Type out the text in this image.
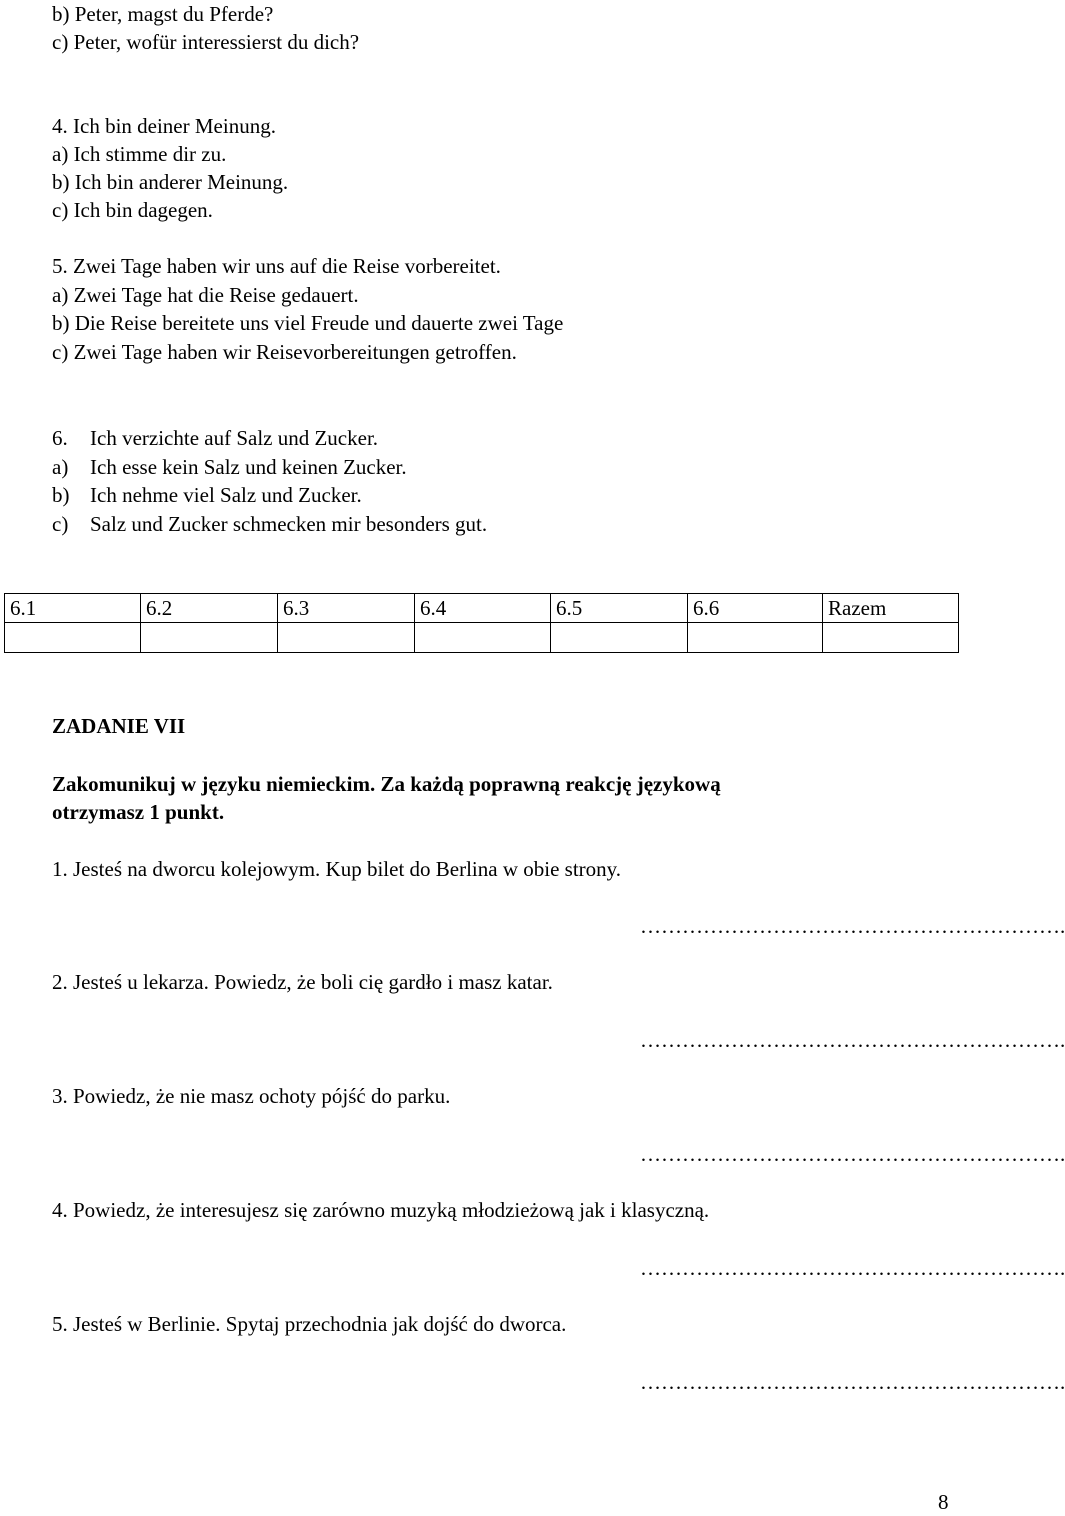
b) Peter, magst du Pferde?
c) Peter, wofür interessierst du dich?
4. Ich bin deiner Meinung.
a) Ich stimme dir zu.
b) Ich bin anderer Meinung.
c) Ich bin dagegen.
5. Zwei Tage haben wir uns auf die Reise vorbereitet.
a) Zwei Tage hat die Reise gedauert.
b) Die Reise bereitete uns viel Freude und dauerte zwei Tage
c) Zwei Tage haben wir Reisevorbereitungen getroffen.
6. Ich verzichte auf Salz und Zucker.
a) Ich esse kein Salz und keinen Zucker.
b) Ich nehme viel Salz und Zucker.
c) Salz und Zucker schmecken mir besonders gut.
6.1	6.2	6.3	6.4	6.5	6.6	Razem

ZADANIE VII
Zakomunikuj w języku niemieckim. Za każdą poprawną reakcję językową
otrzymasz 1 punkt.
1. Jesteś na dworcu kolejowym. Kup bilet do Berlina w obie strony.
…………………………………………………….
2. Jesteś u lekarza. Powiedz, że boli cię gardło i masz katar.
…………………………………………………….
3. Powiedz, że nie masz ochoty pójść do parku.
…………………………………………………….
4. Powiedz, że interesujesz się zarówno muzyką młodzieżową jak i klasyczną.
…………………………………………………….
5. Jesteś w Berlinie. Spytaj przechodnia jak dojść do dworca.
…………………………………………………….
8
